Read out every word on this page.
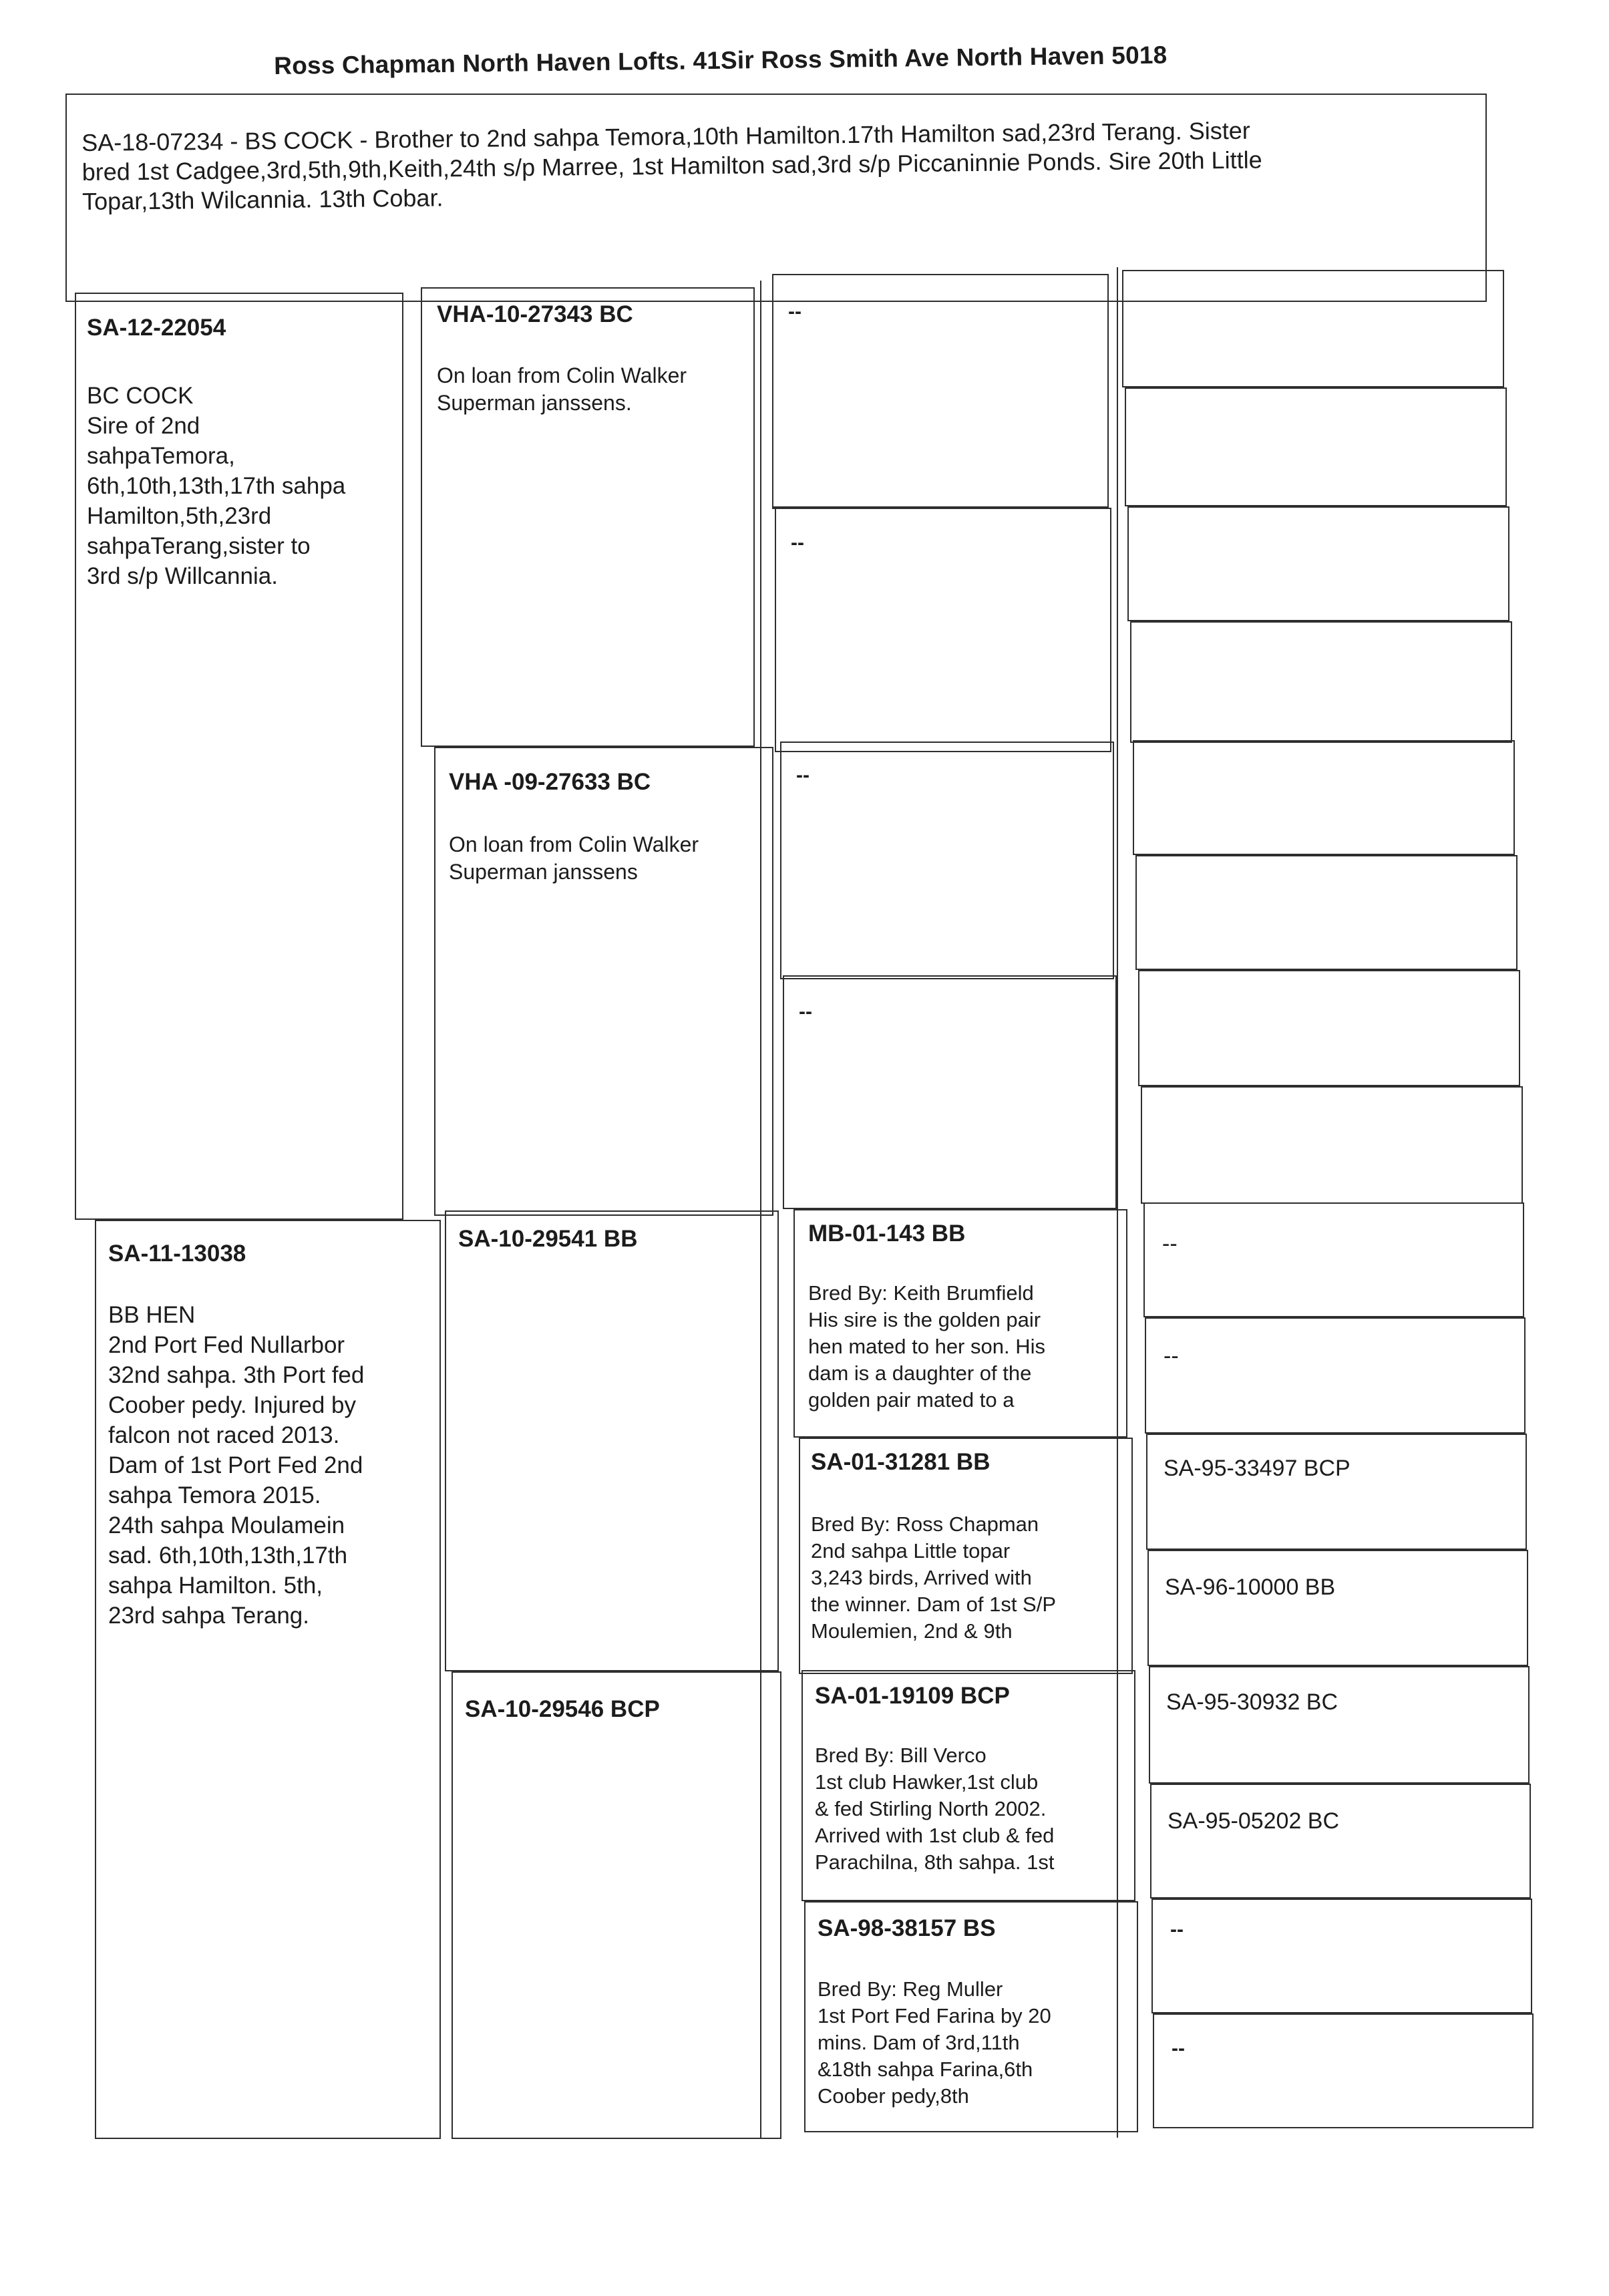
Ross Chapman North Haven Lofts. 41Sir Ross Smith Ave North Haven 5018
SA-18-07234 - BS COCK - Brother to 2nd sahpa Temora,10th Hamilton.17th Hamilton sad,23rd Terang. Sister
bred 1st Cadgee,3rd,5th,9th,Keith,24th s/p Marree, 1st Hamilton sad,3rd s/p Piccaninnie Ponds. Sire 20th Little
Topar,13th Wilcannia. 13th Cobar.
SA-12-22054
BC COCK
Sire of 2nd
sahpaTemora,
6th,10th,13th,17th sahpa
Hamilton,5th,23rd
sahpaTerang,sister to
3rd s/p Willcannia.
SA-11-13038
BB HEN
2nd Port Fed Nullarbor
32nd sahpa. 3th Port fed
Coober pedy. Injured by
falcon not raced 2013.
Dam of 1st Port Fed 2nd
sahpa Temora 2015.
24th sahpa Moulamein
sad. 6th,10th,13th,17th
sahpa Hamilton. 5th,
23rd sahpa Terang.
VHA-10-27343 BC
On loan from Colin Walker
Superman janssens.
VHA -09-27633 BC
On loan from Colin Walker
Superman janssens
SA-10-29541 BB
SA-10-29546 BCP
--
--
--
--
MB-01-143 BB
Bred By: Keith Brumfield
His sire is the golden pair
hen mated to her son. His
dam is a daughter of the
golden pair mated to a
SA-01-31281 BB
Bred By: Ross Chapman
2nd sahpa Little topar
3,243 birds, Arrived with
the winner. Dam of 1st S/P
Moulemien, 2nd & 9th
SA-01-19109 BCP
Bred By: Bill Verco
1st club Hawker,1st club
& fed Stirling North 2002.
Arrived with 1st club & fed
Parachilna, 8th sahpa. 1st
SA-98-38157 BS
Bred By: Reg Muller
1st Port Fed Farina by 20
mins. Dam of 3rd,11th
&18th sahpa Farina,6th
Coober pedy,8th
--
--
SA-95-33497 BCP
SA-96-10000 BB
SA-95-30932 BC
SA-95-05202 BC
--
--
